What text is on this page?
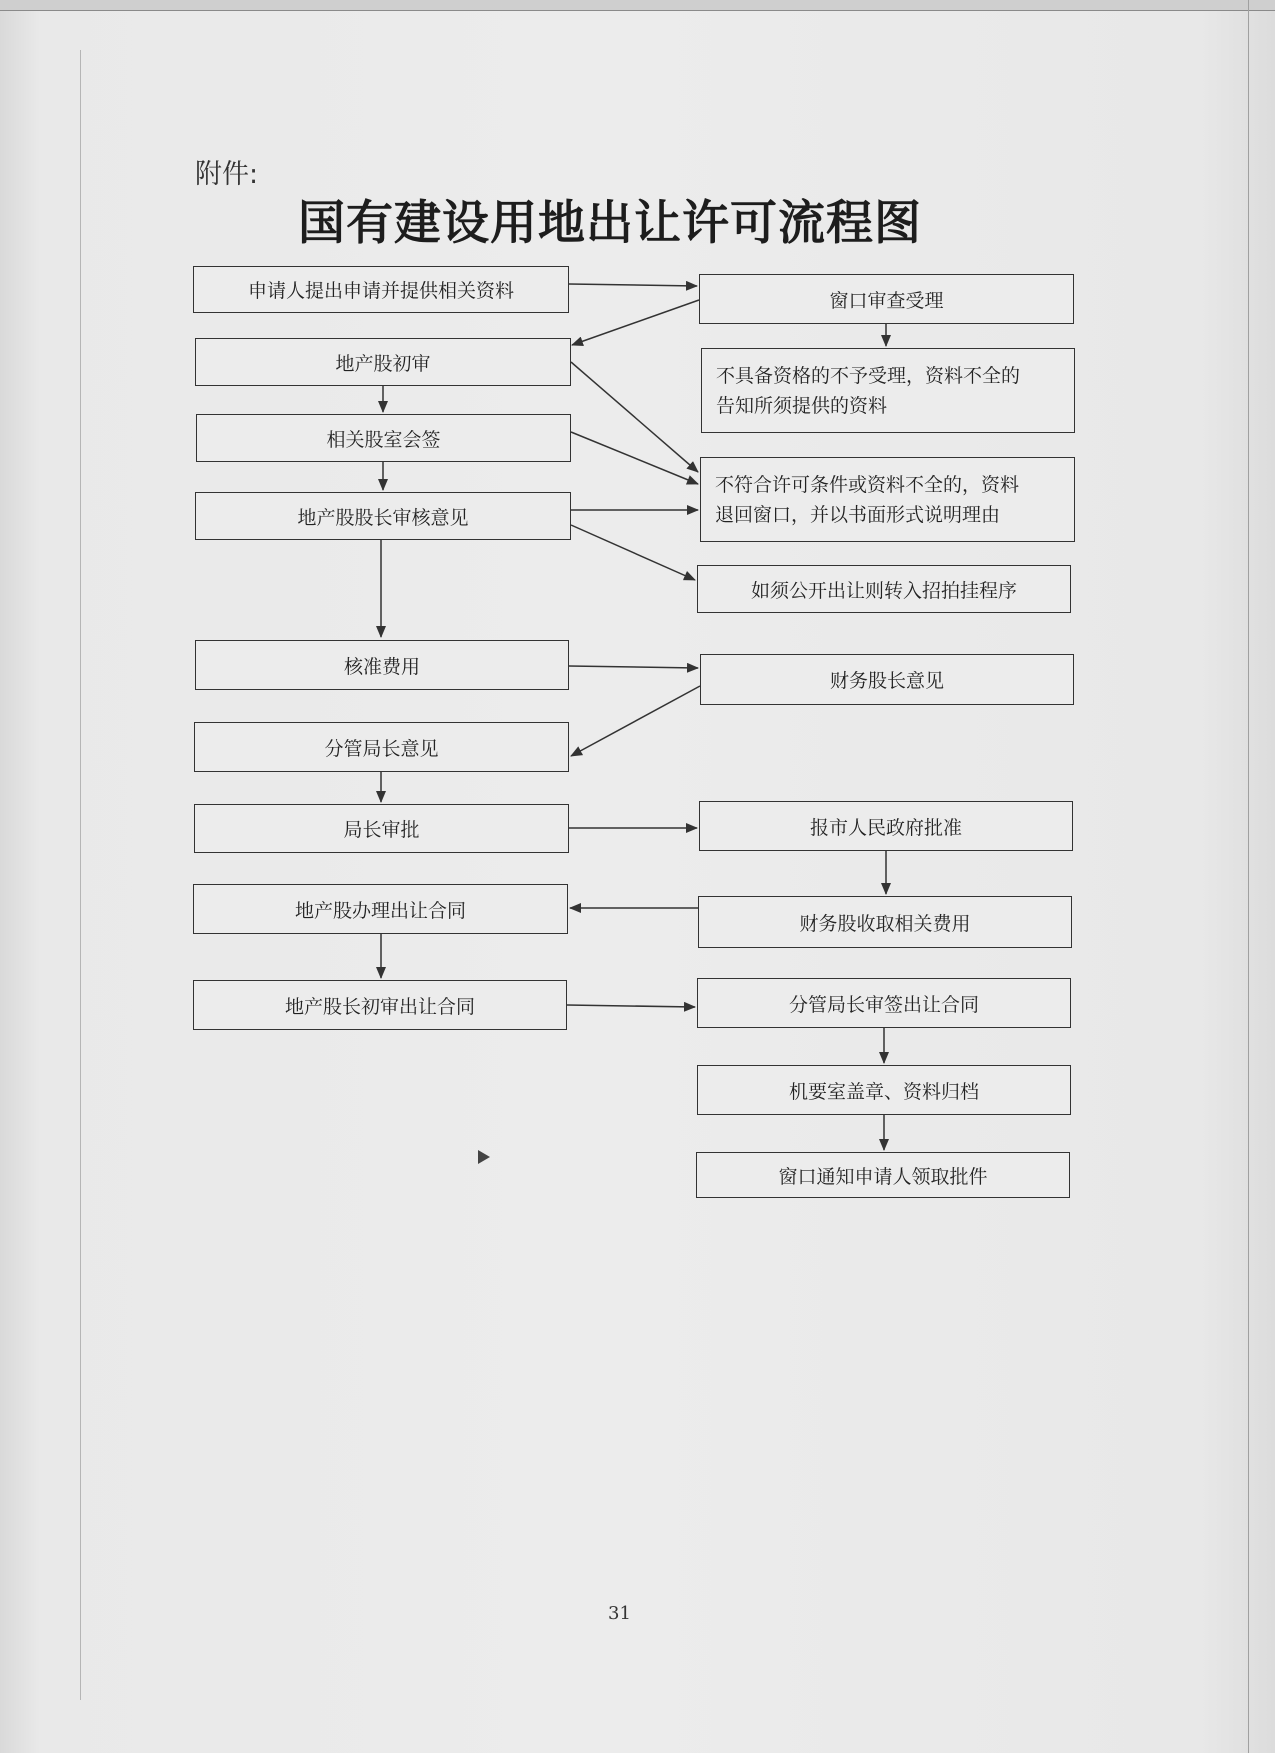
附件:
国有建设用地出让许可流程图
申请人提出申请并提供相关资料
地产股初审
相关股室会签
地产股股长审核意见
核准费用
分管局长意见
局长审批
地产股办理出让合同
地产股长初审出让合同
窗口审查受理
不具备资格的不予受理，资料不全的
告知所须提供的资料
不符合许可条件或资料不全的，资料
退回窗口，并以书面形式说明理由
如须公开出让则转入招拍挂程序
财务股长意见
报市人民政府批准
财务股收取相关费用
分管局长审签出让合同
机要室盖章、资料归档
窗口通知申请人领取批件
31
